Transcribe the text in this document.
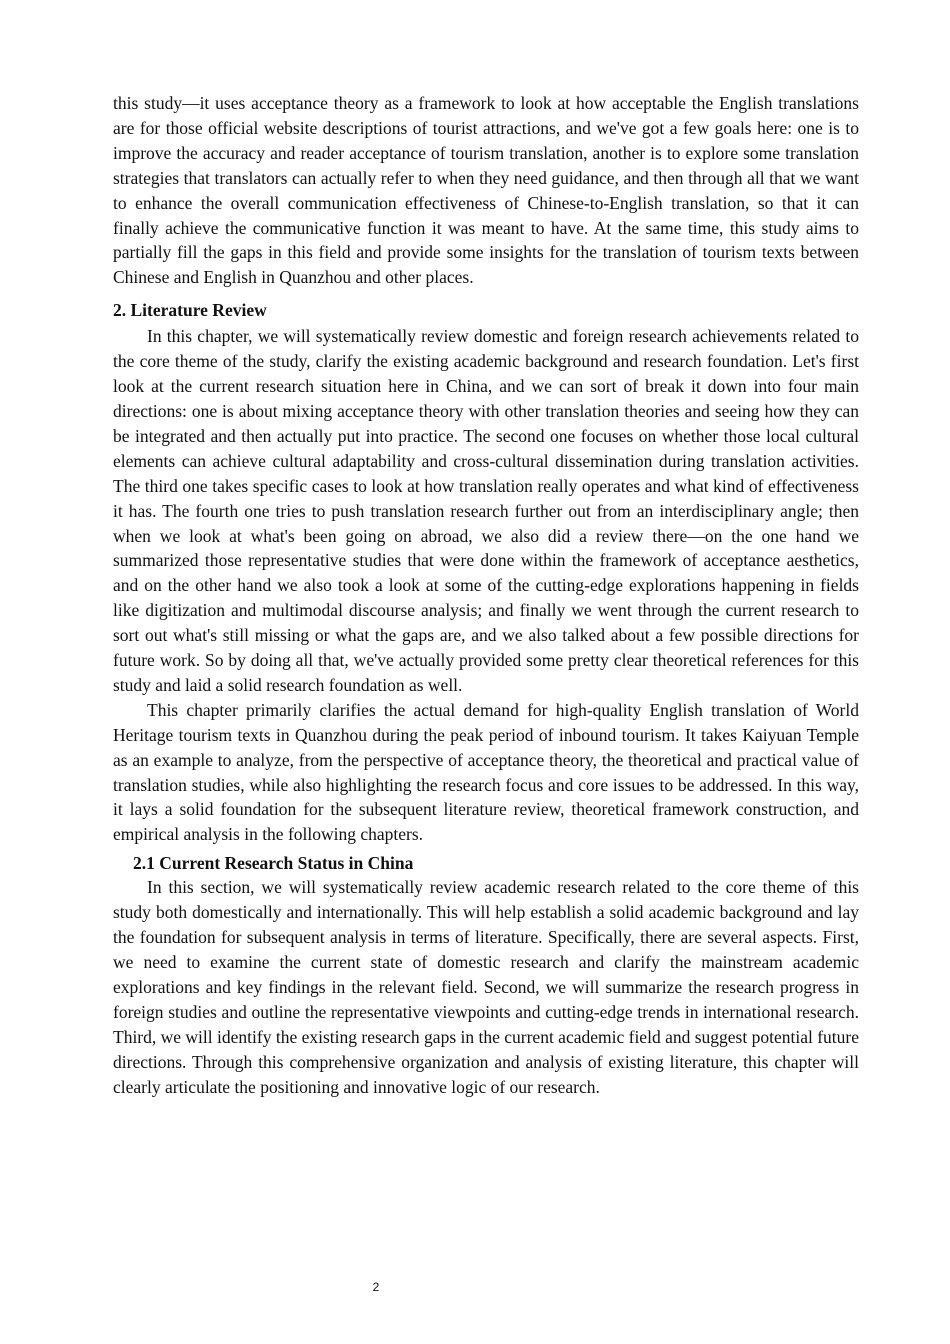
this study—it uses acceptance theory as a framework to look at how acceptable the English translations are for those official website descriptions of tourist attractions, and we've got a few goals here: one is to improve the accuracy and reader acceptance of tourism translation, another is to explore some translation strategies that translators can actually refer to when they need guidance, and then through all that we want to enhance the overall communication effectiveness of Chinese-to-English translation, so that it can finally achieve the communicative function it was meant to have. At the same time, this study aims to partially fill the gaps in this field and provide some insights for the translation of tourism texts between Chinese and English in Quanzhou and other places.

2. Literature Review

In this chapter, we will systematically review domestic and foreign research achievements related to the core theme of the study, clarify the existing academic background and research foundation. Let's first look at the current research situation here in China, and we can sort of break it down into four main directions: one is about mixing acceptance theory with other translation theories and seeing how they can be integrated and then actually put into practice. The second one focuses on whether those local cultural elements can achieve cultural adaptability and cross-cultural dissemination during translation activities. The third one takes specific cases to look at how translation really operates and what kind of effectiveness it has. The fourth one tries to push translation research further out from an interdisciplinary angle; then when we look at what's been going on abroad, we also did a review there—on the one hand we summarized those representative studies that were done within the framework of acceptance aesthetics, and on the other hand we also took a look at some of the cutting-edge explorations happening in fields like digitization and multimodal discourse analysis; and finally we went through the current research to sort out what's still missing or what the gaps are, and we also talked about a few possible directions for future work. So by doing all that, we've actually provided some pretty clear theoretical references for this study and laid a solid research foundation as well.

This chapter primarily clarifies the actual demand for high-quality English translation of World Heritage tourism texts in Quanzhou during the peak period of inbound tourism. It takes Kaiyuan Temple as an example to analyze, from the perspective of acceptance theory, the theoretical and practical value of translation studies, while also highlighting the research focus and core issues to be addressed. In this way, it lays a solid foundation for the subsequent literature review, theoretical framework construction, and empirical analysis in the following chapters.

2.1 Current Research Status in China

In this section, we will systematically review academic research related to the core theme of this study both domestically and internationally. This will help establish a solid academic background and lay the foundation for subsequent analysis in terms of literature. Specifically, there are several aspects. First, we need to examine the current state of domestic research and clarify the mainstream academic explorations and key findings in the relevant field. Second, we will summarize the research progress in foreign studies and outline the representative viewpoints and cutting-edge trends in international research. Third, we will identify the existing research gaps in the current academic field and suggest potential future directions. Through this comprehensive organization and analysis of existing literature, this chapter will clearly articulate the positioning and innovative logic of our research.

2
